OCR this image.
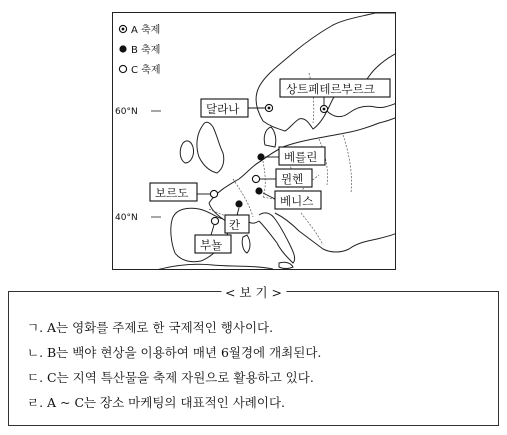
60°N
40°N
A 축제
B 축제
C 축제
상트페테르부르크
달라나
베를린
뮌헨
보르도
베니스
칸
부뇰
< 보 기 >
ㄱ. A는 영화를 주제로 한 국제적인 행사이다.
ㄴ. B는 백야 현상을 이용하여 매년 6월경에 개최된다.
ㄷ. C는 지역 특산물을 축제 자원으로 활용하고 있다.
ㄹ. A ~ C는 장소 마케팅의 대표적인 사례이다.
